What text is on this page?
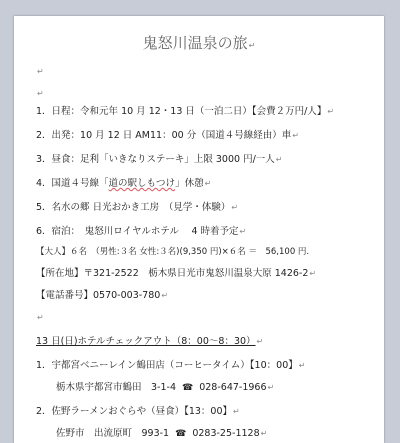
鬼怒川温泉の旅↵
↵
↵
1．日程：令和元年 10 月 12・13 日（一泊二日）【会費２万円/人】↵
2．出発：10 月 12 日 AM11：00 分（国道４号線経由）車↵
3．昼食：足利「いきなりステーキ」上限 3000 円/一人↵
4．国道４号線「道の駅しもつけ」休憩↵
5．名水の郷 日光おかき工房　（見学・体験）↵
6．宿泊：　鬼怒川ロイヤルホテル　 4 時着予定↵
【大人】６名　（男性:３名 女性:３名)(9,350 円)×６名 ＝　56,100 円.
【所在地】〒321-2522　栃木県日光市鬼怒川温泉大原 1426-2↵
【電話番号】0570-003-780↵
↵
13 日(日)ホテルチェックアウト（8：00〜8：30）↵
1．宇都宮ベニーレイン鶴田店（コーヒータイム）【10：00】↵
栃木県宇都宮市鶴田　3-1-4 ☎ 028-647-1966↵
2．佐野ラーメンおぐらや（昼食）【13：00】↵
佐野市　出流原町　993-1 ☎ 0283-25-1128↵
